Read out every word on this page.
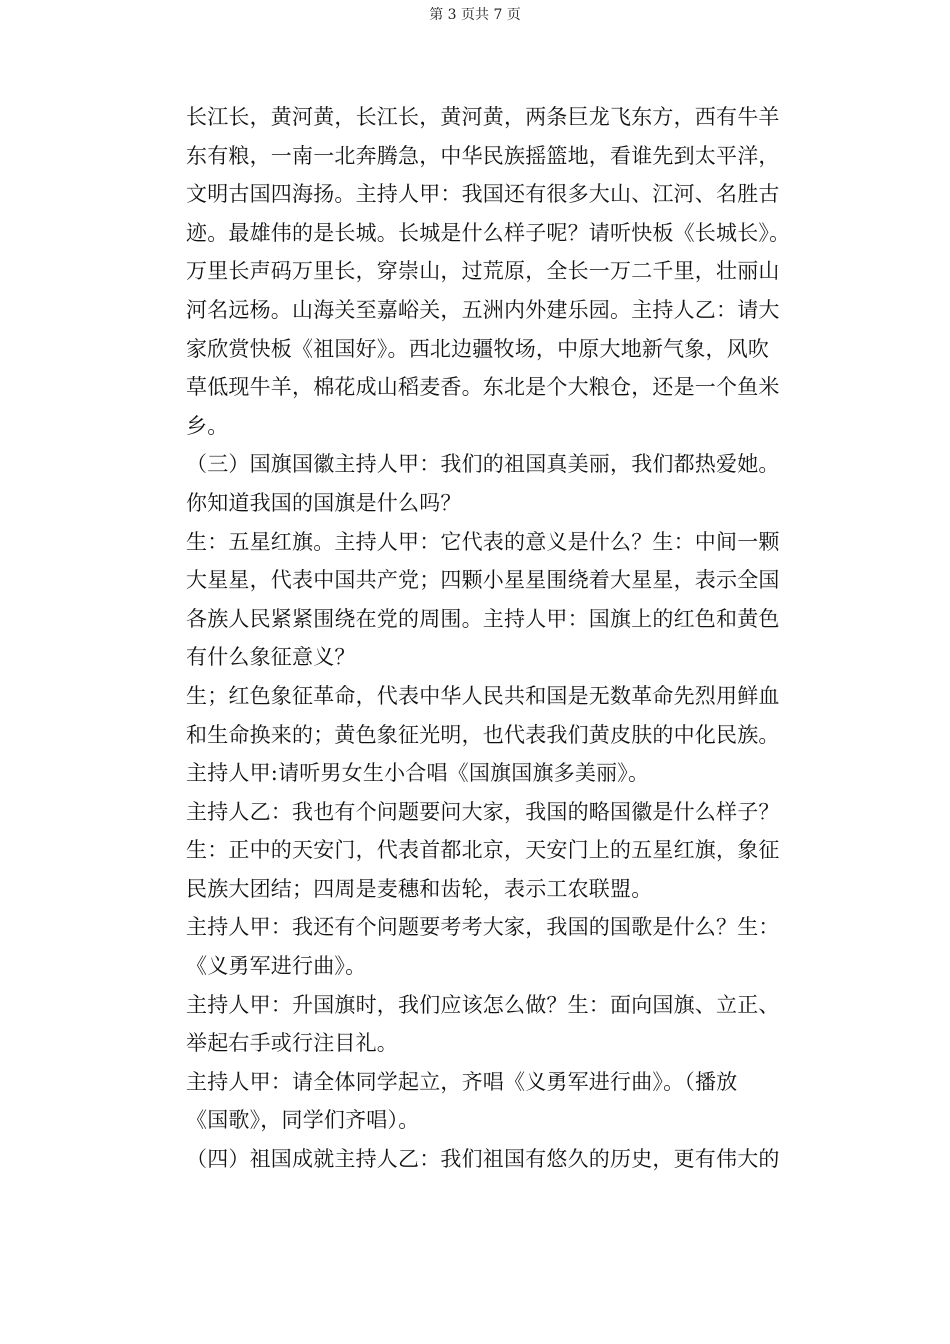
第 3 页共 7 页
长江长，黄河黄，长江长，黄河黄，两条巨龙飞东方，西有牛羊
东有粮，一南一北奔腾急，中华民族摇篮地，看谁先到太平洋，
文明古国四海扬。主持人甲：我国还有很多大山、江河、名胜古
迹。最雄伟的是长城。长城是什么样子呢？请听快板《长城长》。
万里长声码万里长，穿崇山，过荒原，全长一万二千里，壮丽山
河名远杨。山海关至嘉峪关，五洲内外建乐园。主持人乙：请大
家欣赏快板《祖国好》。西北边疆牧场，中原大地新气象，风吹
草低现牛羊，棉花成山稻麦香。东北是个大粮仓，还是一个鱼米
乡。
（三）国旗国徽主持人甲：我们的祖国真美丽，我们都热爱她。
你知道我国的国旗是什么吗？
生：五星红旗。主持人甲：它代表的意义是什么？生：中间一颗
大星星，代表中国共产党；四颗小星星围绕着大星星，表示全国
各族人民紧紧围绕在党的周围。主持人甲：国旗上的红色和黄色
有什么象征意义？
生；红色象征革命，代表中华人民共和国是无数革命先烈用鲜血
和生命换来的；黄色象征光明，也代表我们黄皮肤的中化民族。
主持人甲:请听男女生小合唱《国旗国旗多美丽》。
主持人乙：我也有个问题要问大家，我国的略国徽是什么样子？
生：正中的天安门，代表首都北京，天安门上的五星红旗，象征
民族大团结；四周是麦穗和齿轮，表示工农联盟。
主持人甲：我还有个问题要考考大家，我国的国歌是什么？生：
《义勇军进行曲》。
主持人甲：升国旗时，我们应该怎么做？生：面向国旗、立正、
举起右手或行注目礼。
主持人甲：请全体同学起立，齐唱《义勇军进行曲》。（播放
《国歌》，同学们齐唱）。
（四）祖国成就主持人乙：我们祖国有悠久的历史，更有伟大的
